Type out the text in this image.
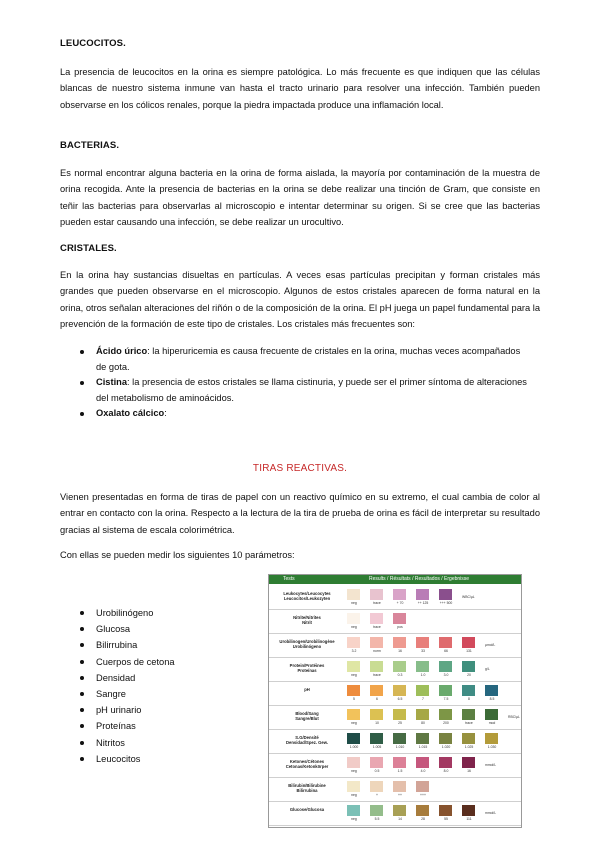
LEUCOCITOS.
La presencia de leucocitos en la orina es siempre patológica. Lo más frecuente es que indiquen que las células blancas de nuestro sistema inmune van hasta el tracto urinario para resolver una infección. También pueden observarse en los cólicos renales, porque la piedra impactada produce una inflamación local.
BACTERIAS.
Es normal encontrar alguna bacteria en la orina de forma aislada, la mayoría por contaminación de la muestra de orina recogida. Ante la presencia de bacterias en la orina se debe realizar una tinción de Gram, que consiste en teñir las bacterias para observarlas al microscopio e intentar determinar su origen. Si se cree que las bacterias pueden estar causando una infección, se debe realizar un urocultivo.
CRISTALES.
En la orina hay sustancias disueltas en partículas. A veces esas partículas precipitan y forman cristales más grandes que pueden observarse en el microscopio. Algunos de estos cristales aparecen de forma natural en la orina, otros señalan alteraciones del riñón o de la composición de la orina. El pH juega un papel fundamental para la prevención de la formación de este tipo de cristales. Los cristales más frecuentes son:
Ácido úrico: la hiperuricemia es causa frecuente de cristales en la orina, muchas veces acompañados de gota.
Cistina: la presencia de estos cristales se llama cistinuria, y puede ser el primer síntoma de alteraciones del metabolismo de aminoácidos.
Oxalato cálcico:
TIRAS REACTIVAS.
Vienen presentadas en forma de tiras de papel con un reactivo químico en su extremo, el cual cambia de color al entrar en contacto con la orina. Respecto a la lectura de la tira de prueba de orina es fácil de interpretar su resultado gracias al sistema de escala colorimétrica.
Con ellas se pueden medir los siguientes 10 parámetros:
Urobilinógeno
Glucosa
Bilirrubina
Cuerpos de cetona
Densidad
Sangre
pH urinario
Proteínas
Nitritos
Leucocitos
Tests	Results / Résultats / Resultados / Ergebnisse
Leukocytes/Leucocytes
Leucocitos/Leukozyten
neg	trace	+ 70	++ 125	+++ 500
WBC/µL
Nitrite/Nitrites
Nitrit
neg	trace	pos
Urobilinogen/Urobilinogène
Urobilinógeno
3.2	norm	16	33	66	131
µmol/L
Protein/Protéines
Proteínas
neg	trace	0.3	1.0	3.0	20
g/L
pH
5	6	6.5	7	7.5	8	8.5
Blood/Sang
Sangre/Blut
neg	10	25	80	200	trace	mod
RBC/µL
S.G/Densité
Densidad/Spez. Gew.
1.000	1.005	1.010	1.015	1.020	1.025	1.030
Ketones/Cétones
Cetonas/Ketonkörper
neg	0.5	1.5	4.0	8.0	16
mmol/L
Bilirubin/Bilirubine
Bilirrubina
neg	+	++	+++
Glucose/Glucosa
neg	5.5	14	28	55	111
mmol/L
